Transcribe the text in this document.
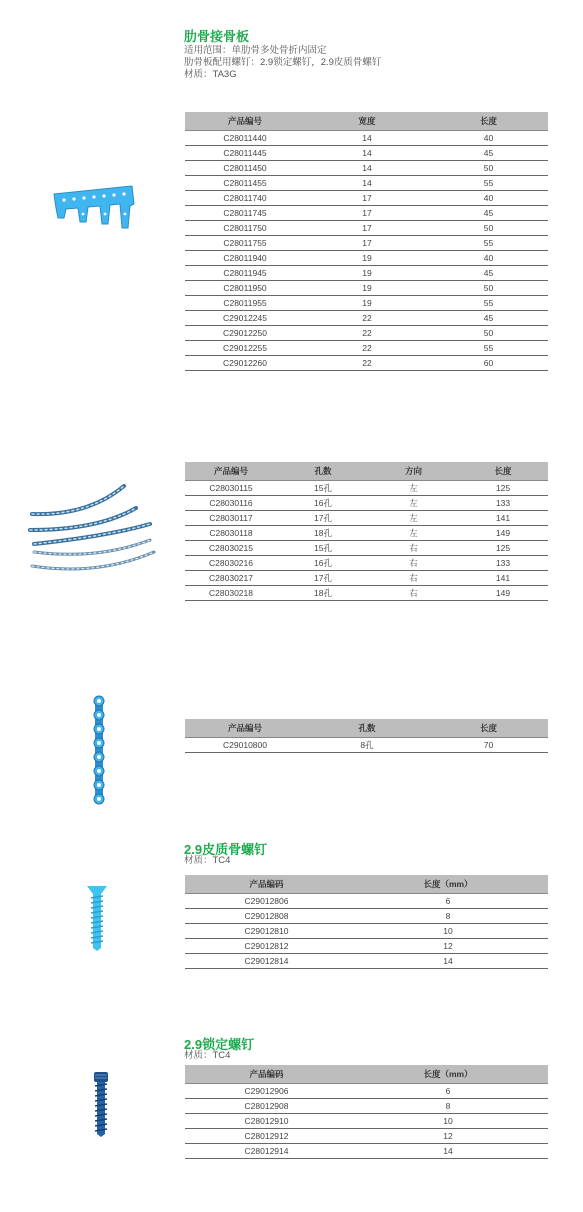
肋骨接骨板
适用范围：单肋骨多处骨折内固定
肋骨板配用螺钉：2.9锁定螺钉，2.9皮质骨螺钉
材质：TA3G
产品编号	宽度	长度
C28011440	14	40
C28011445	14	45
C28011450	14	50
C28011455	14	55
C28011740	17	40
C28011745	17	45
C28011750	17	50
C28011755	17	55
C28011940	19	40
C28011945	19	45
C28011950	19	50
C28011955	19	55
C29012245	22	45
C29012250	22	50
C29012255	22	55
C29012260	22	60
产品编号	孔数	方向	长度
C28030115	15孔	左	125
C28030116	16孔	左	133
C28030117	17孔	左	141
C28030118	18孔	左	149
C28030215	15孔	右	125
C28030216	16孔	右	133
C28030217	17孔	右	141
C28030218	18孔	右	149
产品编号	孔数	长度
C29010800	8孔	70
2.9皮质骨螺钉
材质：TC4
产品编码	长度（mm）
C29012806	6
C29012808	8
C29012810	10
C29012812	12
C29012814	14
2.9锁定螺钉
材质：TC4
产品编码	长度（mm）
C29012906	6
C28012908	8
C28012910	10
C28012912	12
C28012914	14
